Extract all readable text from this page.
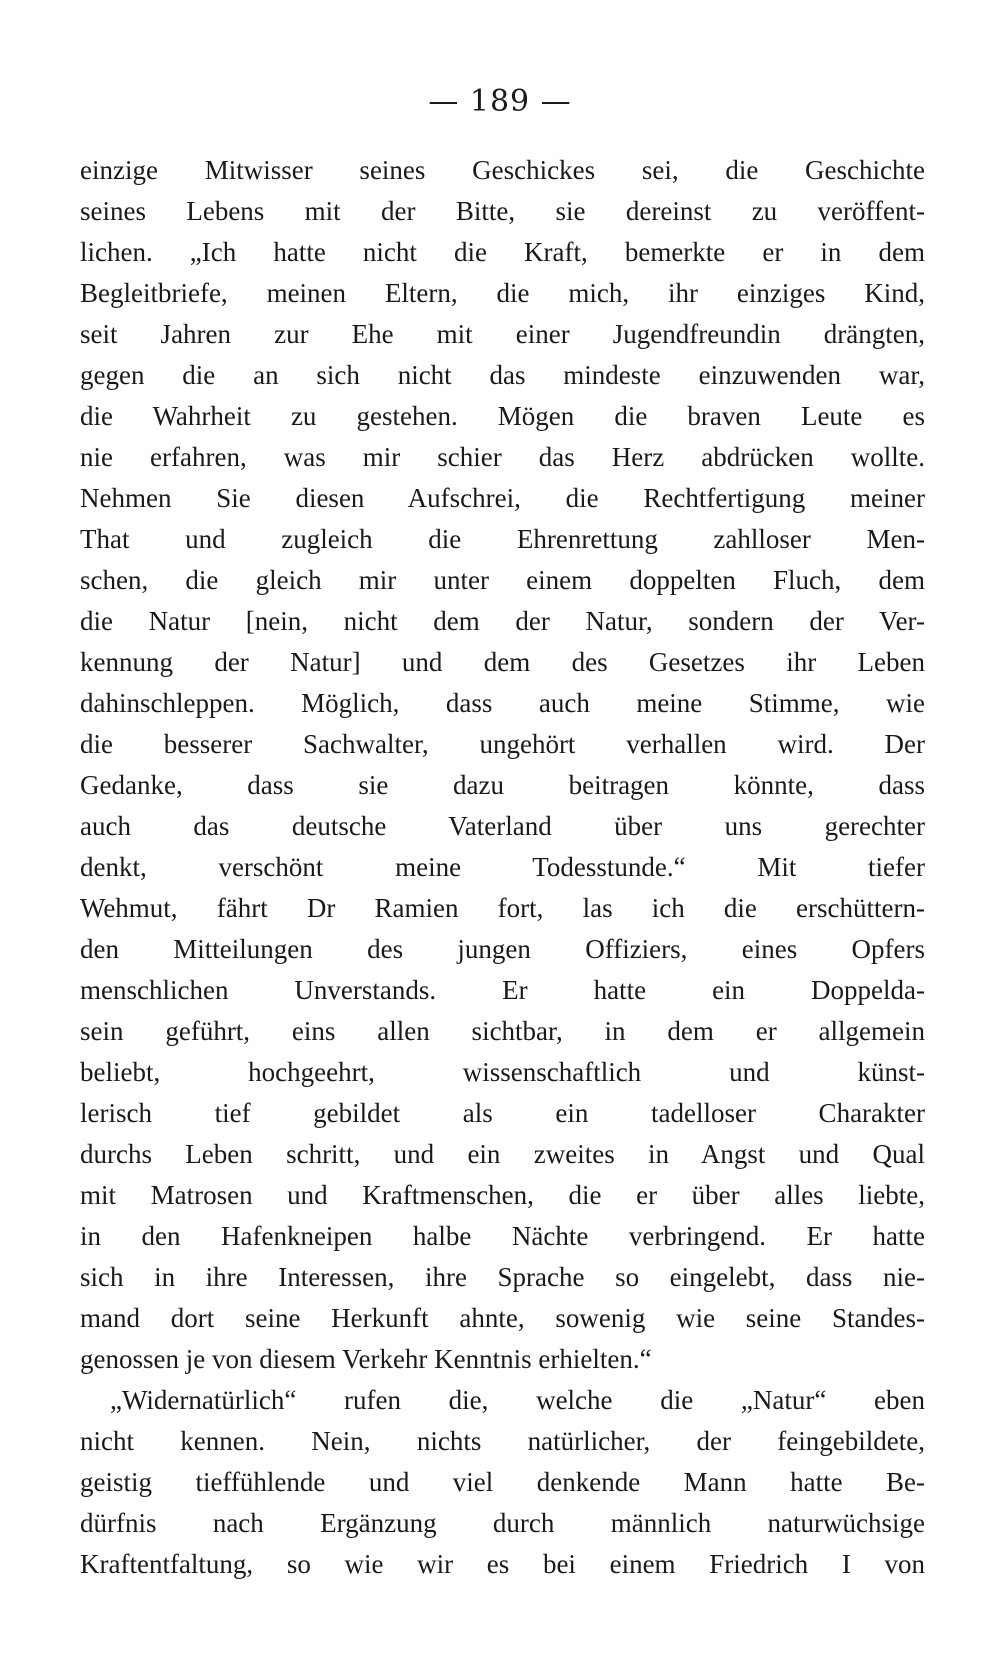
— 189 —
einzige Mitwisser seines Geschickes sei, die Geschichte
seines Lebens mit der Bitte, sie dereinst zu veröffent-
lichen. „Ich hatte nicht die Kraft, bemerkte er in dem
Begleitbriefe, meinen Eltern, die mich, ihr einziges Kind,
seit Jahren zur Ehe mit einer Jugendfreundin drängten,
gegen die an sich nicht das mindeste einzuwenden war,
die Wahrheit zu gestehen. Mögen die braven Leute es
nie erfahren, was mir schier das Herz abdrücken wollte.
Nehmen Sie diesen Aufschrei, die Rechtfertigung meiner
That und zugleich die Ehrenrettung zahlloser Men-
schen, die gleich mir unter einem doppelten Fluch, dem
die Natur [nein, nicht dem der Natur, sondern der Ver-
kennung der Natur] und dem des Gesetzes ihr Leben
dahinschleppen. Möglich, dass auch meine Stimme, wie
die besserer Sachwalter, ungehört verhallen wird. Der
Gedanke, dass sie dazu beitragen könnte, dass
auch das deutsche Vaterland über uns gerechter
denkt, verschönt meine Todesstunde.“ Mit tiefer
Wehmut, fährt Dr Ramien fort, las ich die erschüttern-
den Mitteilungen des jungen Offiziers, eines Opfers
menschlichen Unverstands. Er hatte ein Doppelda-
sein geführt, eins allen sichtbar, in dem er allgemein
beliebt, hochgeehrt, wissenschaftlich und künst-
lerisch tief gebildet als ein tadelloser Charakter
durchs Leben schritt, und ein zweites in Angst und Qual
mit Matrosen und Kraftmenschen, die er über alles liebte,
in den Hafenkneipen halbe Nächte verbringend. Er hatte
sich in ihre Interessen, ihre Sprache so eingelebt, dass nie-
mand dort seine Herkunft ahnte, sowenig wie seine Standes-
genossen je von diesem Verkehr Kenntnis erhielten.“
„Widernatürlich“ rufen die, welche die „Natur“ eben
nicht kennen. Nein, nichts natürlicher, der feingebildete,
geistig tieffühlende und viel denkende Mann hatte Be-
dürfnis nach Ergänzung durch männlich naturwüchsige
Kraftentfaltung, so wie wir es bei einem Friedrich I von
